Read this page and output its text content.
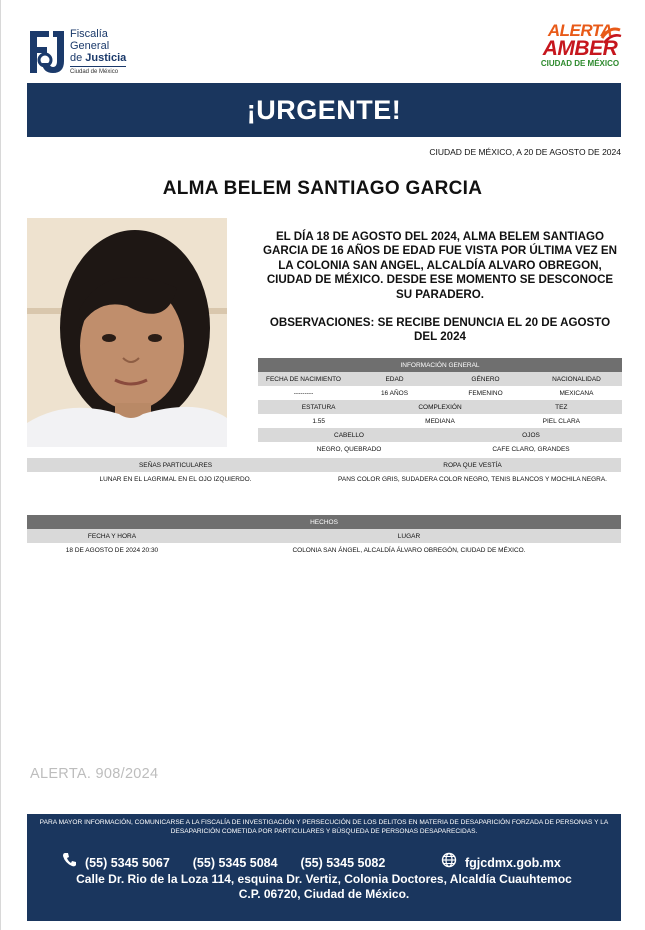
Fiscalía
General
de Justicia
Ciudad de México
ALERTA
AMBER
CIUDAD DE MÉXICO
¡URGENTE!
CIUDAD DE MÉXICO, A 20 DE AGOSTO DE 2024
ALMA BELEM SANTIAGO GARCIA
EL DÍA 18 DE AGOSTO DEL 2024, ALMA BELEM SANTIAGO GARCIA DE 16 AÑOS DE EDAD FUE VISTA POR ÚLTIMA VEZ EN LA COLONIA SAN ANGEL, ALCALDÍA ALVARO OBREGON, CIUDAD DE MÉXICO. DESDE ESE MOMENTO SE DESCONOCE SU PARADERO.
OBSERVACIONES: SE RECIBE DENUNCIA EL 20 DE AGOSTO DEL 2024
INFORMACIÓN GENERAL
FECHA DE NACIMIENTO	EDAD	GÉNERO	NACIONALIDAD
---------	16 AÑOS	FEMENINO	MEXICANA
ESTATURA	COMPLEXIÓN	TEZ
1.55	MEDIANA	PIEL CLARA
CABELLO	OJOS
NEGRO, QUEBRADO	CAFE CLARO, GRANDES
SEÑAS PARTICULARES	ROPA QUE VESTÍA
LUNAR EN EL LAGRIMAL EN EL OJO IZQUIERDO.	PANS COLOR GRIS, SUDADERA COLOR NEGRO, TENIS BLANCOS Y MOCHILA NEGRA.
HECHOS
FECHA Y HORA	LUGAR
18 DE AGOSTO DE 2024 20:30	COLONIA SAN ÁNGEL, ALCALDÍA ÁLVARO OBREGÓN, CIUDAD DE MÉXICO.
ALERTA. 908/2024
PARA MAYOR INFORMACIÓN, COMUNICARSE A LA FISCALÍA DE INVESTIGACIÓN Y PERSECUCIÓN DE LOS DELITOS EN MATERIA DE DESAPARICIÓN FORZADA DE PERSONAS Y LA DESAPARICIÓN COMETIDA POR PARTICULARES Y BÚSQUEDA DE PERSONAS DESAPARECIDAS.
(55) 5345 5067 (55) 5345 5084 (55) 5345 5082	fgjcdmx.gob.mx
Calle Dr. Rio de la Loza 114, esquina Dr. Vertiz, Colonia Doctores, Alcaldía Cuauhtemoc
C.P. 06720, Ciudad de México.
